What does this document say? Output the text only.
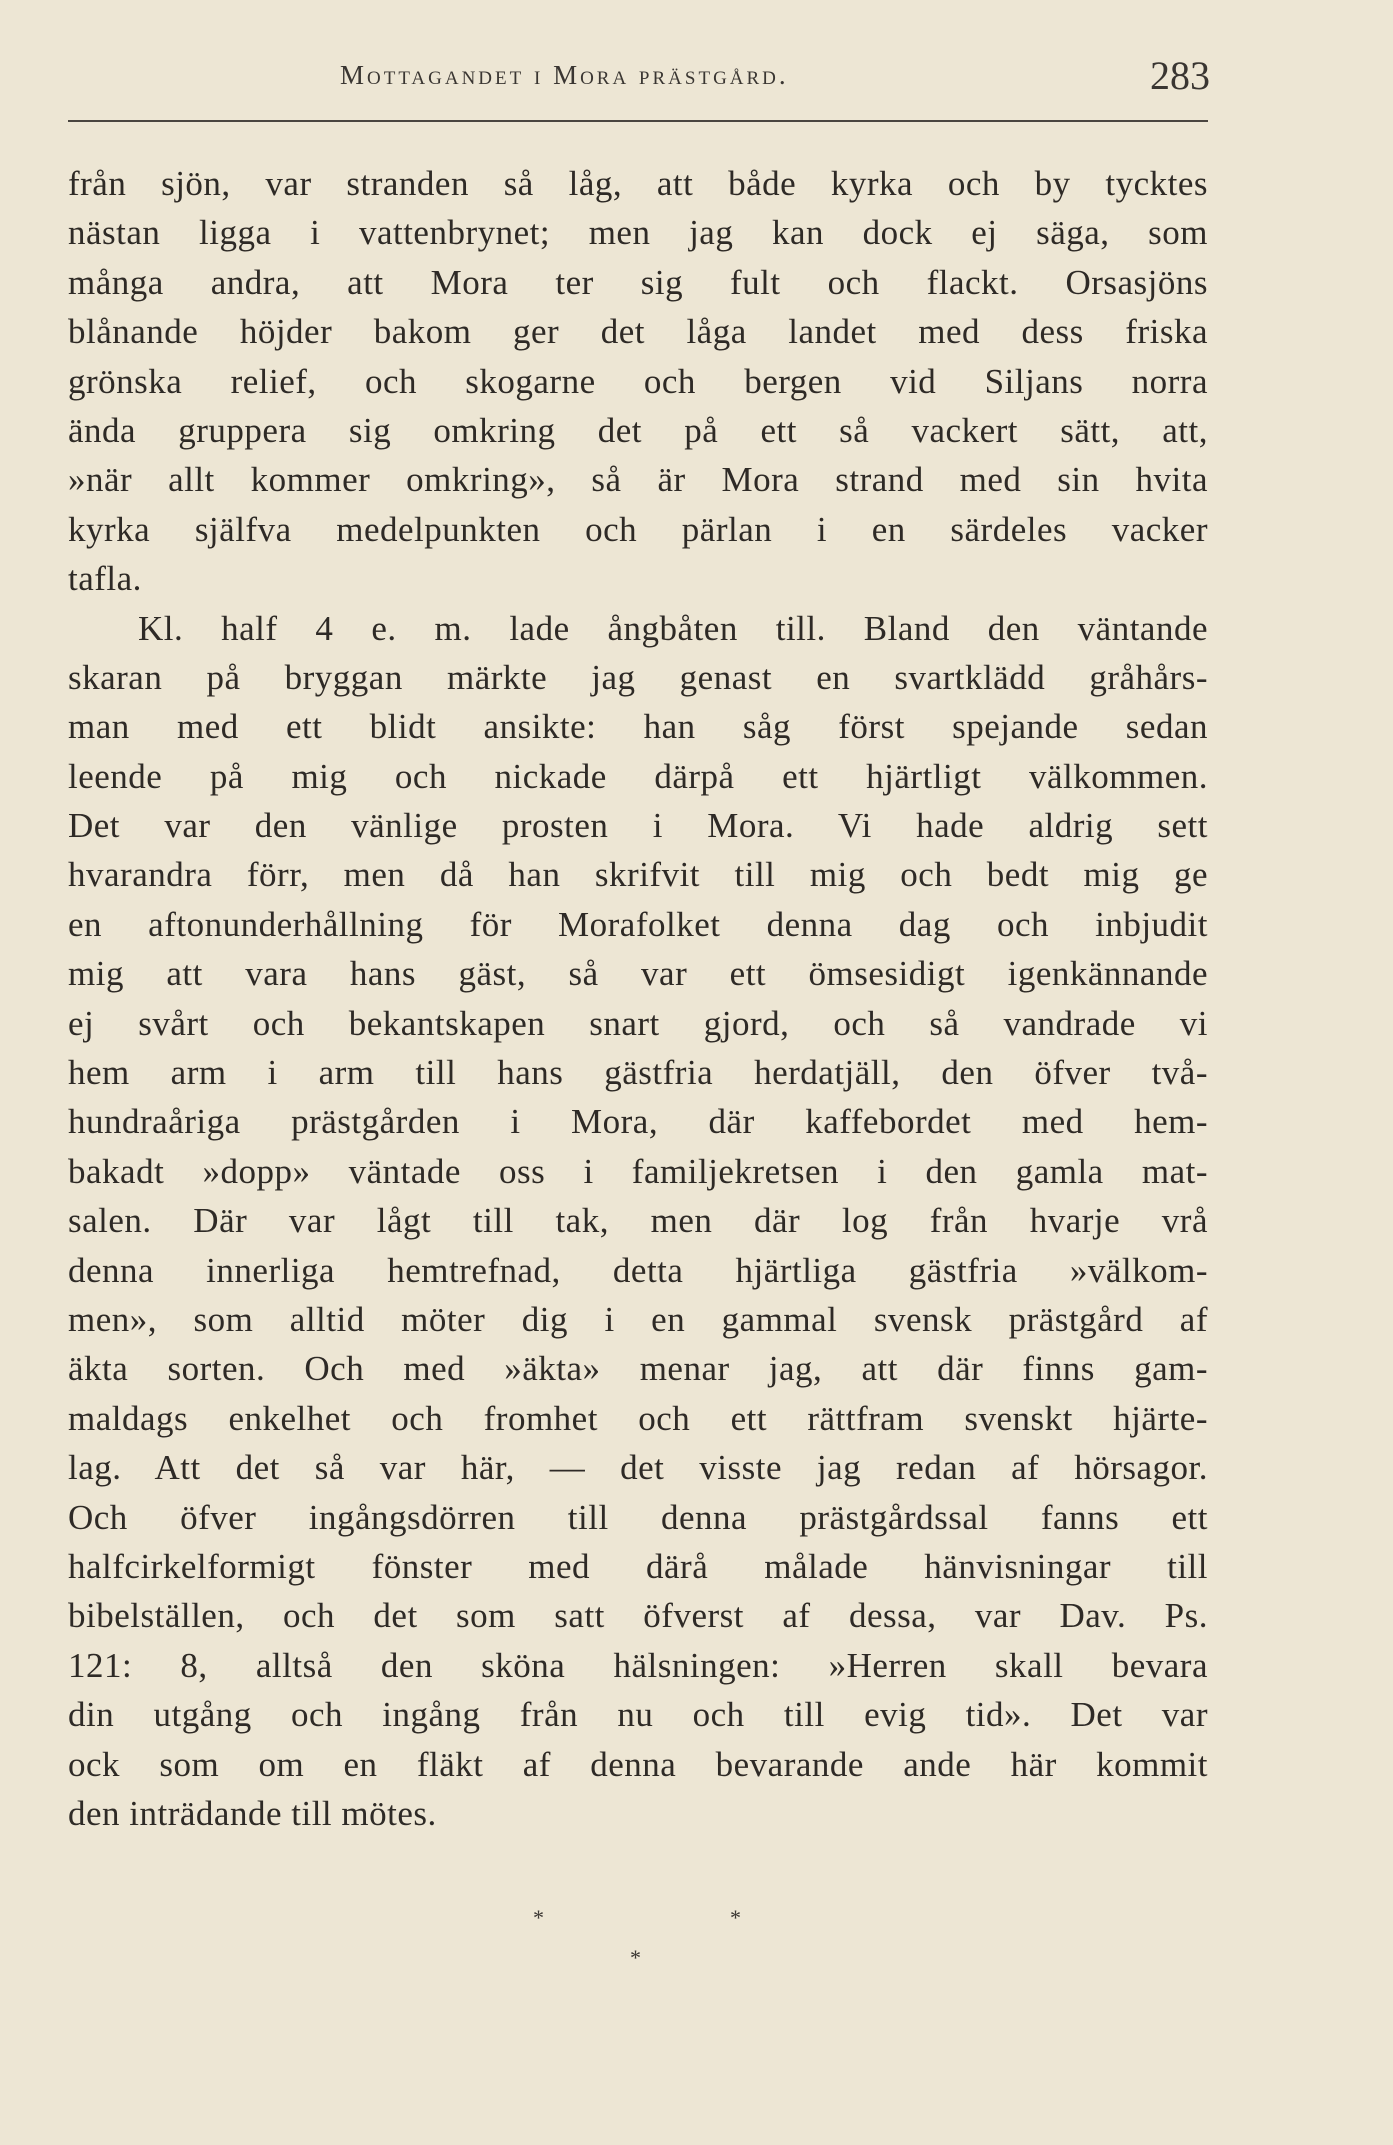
Mottagandet i Mora prästgård.	283
från sjön, var stranden så låg, att både kyrka och by tycktes
nästan ligga i vattenbrynet; men jag kan dock ej säga, som
många andra, att Mora ter sig fult och flackt. Orsasjöns
blånande höjder bakom ger det låga landet med dess friska
grönska relief, och skogarne och bergen vid Siljans norra
ända gruppera sig omkring det på ett så vackert sätt, att,
»när allt kommer omkring», så är Mora strand med sin hvita
kyrka själfva medelpunkten och pärlan i en särdeles vacker
tafla.
Kl. half 4 e. m. lade ångbåten till. Bland den väntande
skaran på bryggan märkte jag genast en svartklädd gråhårs-
man med ett blidt ansikte: han såg först spejande sedan
leende på mig och nickade därpå ett hjärtligt välkommen.
Det var den vänlige prosten i Mora. Vi hade aldrig sett
hvarandra förr, men då han skrifvit till mig och bedt mig ge
en aftonunderhållning för Morafolket denna dag och inbjudit
mig att vara hans gäst, så var ett ömsesidigt igenkännande
ej svårt och bekantskapen snart gjord, och så vandrade vi
hem arm i arm till hans gästfria herdatjäll, den öfver två-
hundraåriga prästgården i Mora, där kaffebordet med hem-
bakadt »dopp» väntade oss i familjekretsen i den gamla mat-
salen. Där var lågt till tak, men där log från hvarje vrå
denna innerliga hemtrefnad, detta hjärtliga gästfria »välkom-
men», som alltid möter dig i en gammal svensk prästgård af
äkta sorten. Och med »äkta» menar jag, att där finns gam-
maldags enkelhet och fromhet och ett rättfram svenskt hjärte-
lag. Att det så var här, — det visste jag redan af hörsagor.
Och öfver ingångsdörren till denna prästgårdssal fanns ett
halfcirkelformigt fönster med därå målade hänvisningar till
bibelställen, och det som satt öfverst af dessa, var Dav. Ps.
121: 8, alltså den sköna hälsningen: »Herren skall bevara
din utgång och ingång från nu och till evig tid». Det var
ock som om en fläkt af denna bevarande ande här kommit
den inträdande till mötes.
*	*
*
